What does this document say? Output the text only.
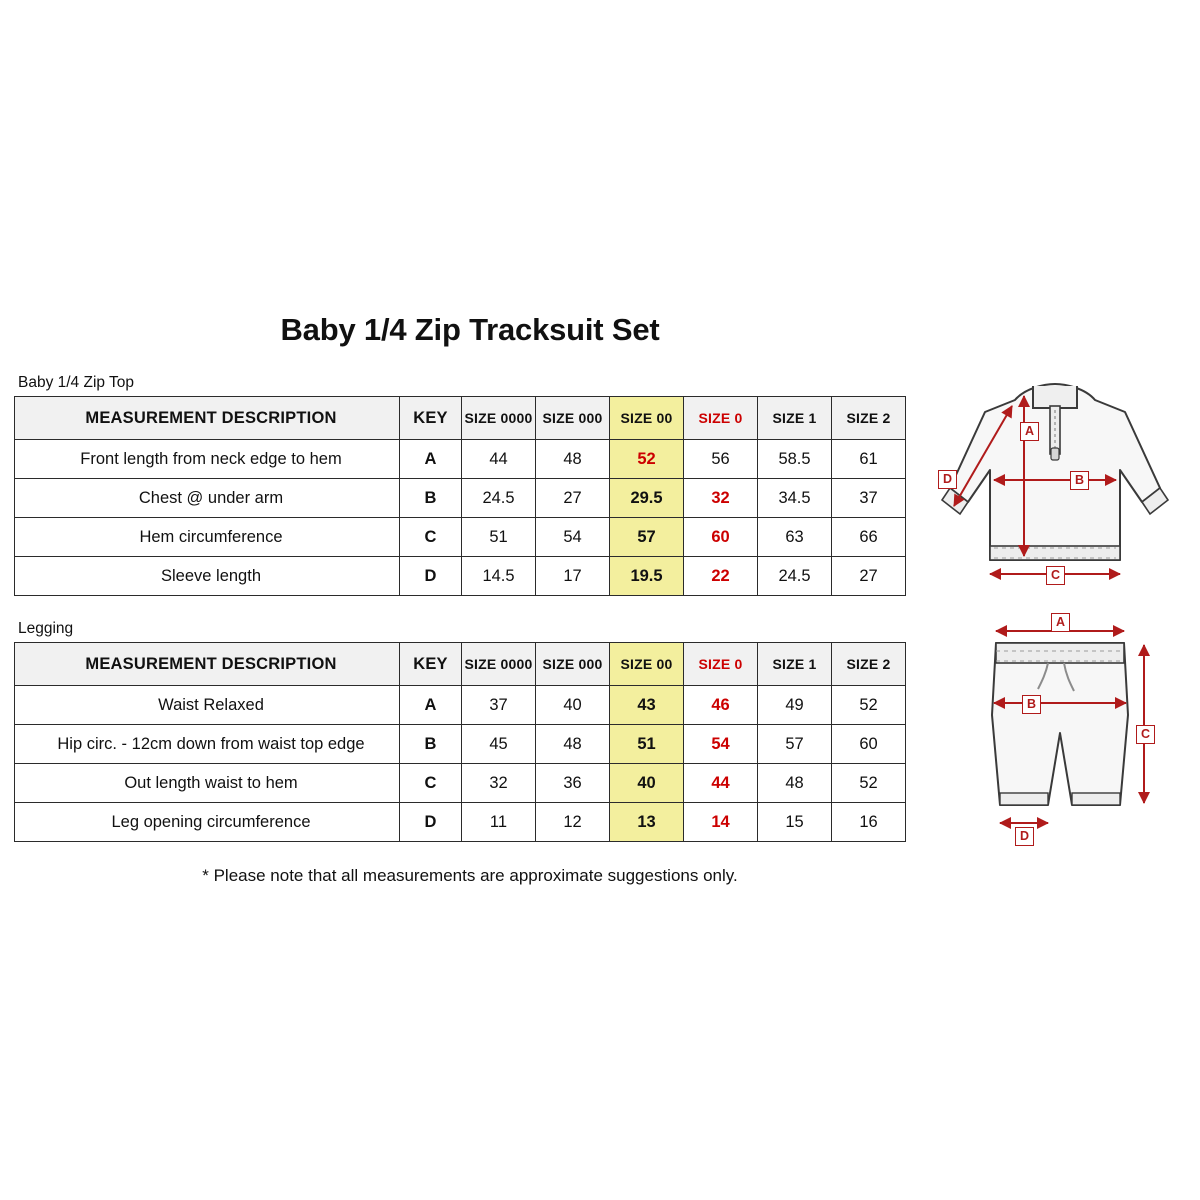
Baby 1/4 Zip Tracksuit Set
Baby 1/4 Zip Top
MEASUREMENT DESCRIPTION	KEY	SIZE 0000	SIZE 000	SIZE 00	SIZE 0	SIZE 1	SIZE 2
Front length from neck edge to hem	A	44	48	52	56	58.5	61
Chest @ under arm	B	24.5	27	29.5	32	34.5	37
Hem circumference	C	51	54	57	60	63	66
Sleeve length	D	14.5	17	19.5	22	24.5	27
Legging
MEASUREMENT DESCRIPTION	KEY	SIZE 0000	SIZE 000	SIZE 00	SIZE 0	SIZE 1	SIZE 2
Waist Relaxed	A	37	40	43	46	49	52
Hip circ. - 12cm down from waist top edge	B	45	48	51	54	57	60
Out length waist to hem	C	32	36	40	44	48	52
Leg opening circumference	D	11	12	13	14	15	16
* Please note that all measurements are approximate suggestions only.
A
B
C
D
A
B
C
D
